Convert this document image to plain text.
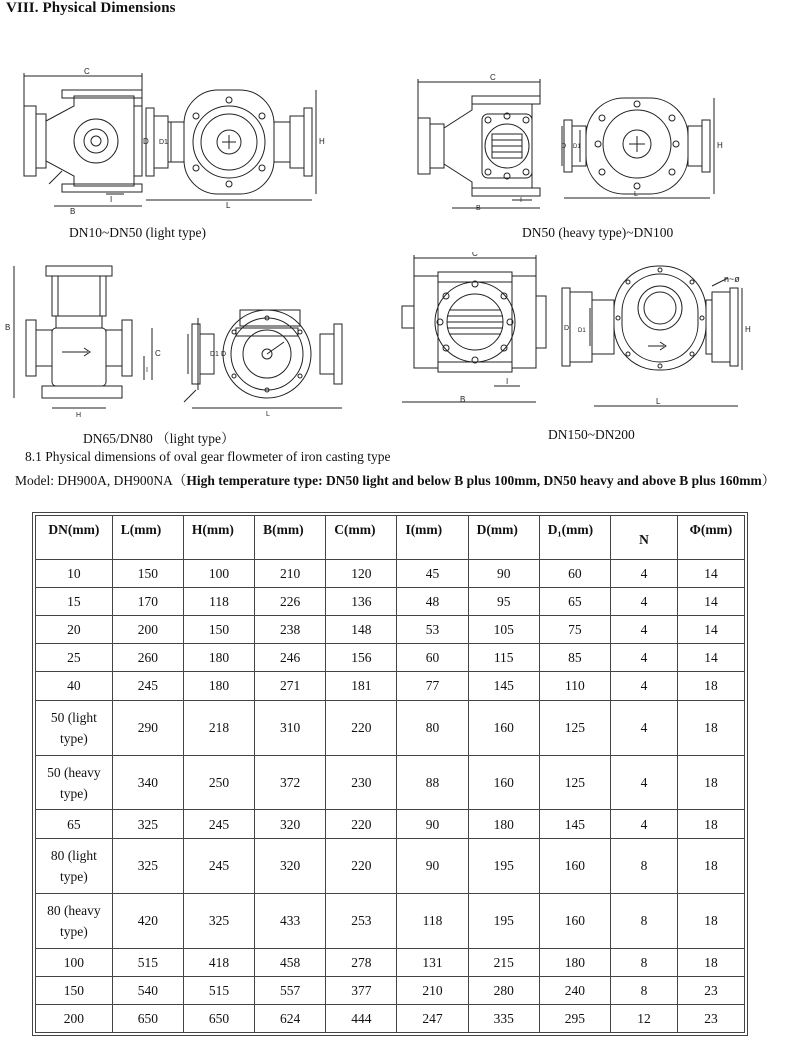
VIII. Physical Dimensions
C
B
I
D D1
L
H
DN10~DN50 (light type)
C
B
I
D D1
L
H
DN50 (heavy type)~DN100
B
H
C
I
D1 D
L
DN65/DN80 （light type）
C
B
I
D D1
L
H
n~ø
DN150~DN200
8.1 Physical dimensions of oval gear flowmeter of iron casting type
Model: DH900A, DH900NA（High temperature type: DN50 light and below B plus 100mm, DN50 heavy and above B plus 160mm）
DN(mm)	L(mm)	H(mm)	B(mm)	C(mm)	I(mm)	D(mm)	D₁(mm)	N	Φ(mm)
10	150	100	210	120	45	90	60	4	14
15	170	118	226	136	48	95	65	4	14
20	200	150	238	148	53	105	75	4	14
25	260	180	246	156	60	115	85	4	14
40	245	180	271	181	77	145	110	4	18
50 (light type)	290	218	310	220	80	160	125	4	18
50 (heavy type)	340	250	372	230	88	160	125	4	18
65	325	245	320	220	90	180	145	4	18
80 (light type)	325	245	320	220	90	195	160	8	18
80 (heavy type)	420	325	433	253	118	195	160	8	18
100	515	418	458	278	131	215	180	8	18
150	540	515	557	377	210	280	240	8	23
200	650	650	624	444	247	335	295	12	23
